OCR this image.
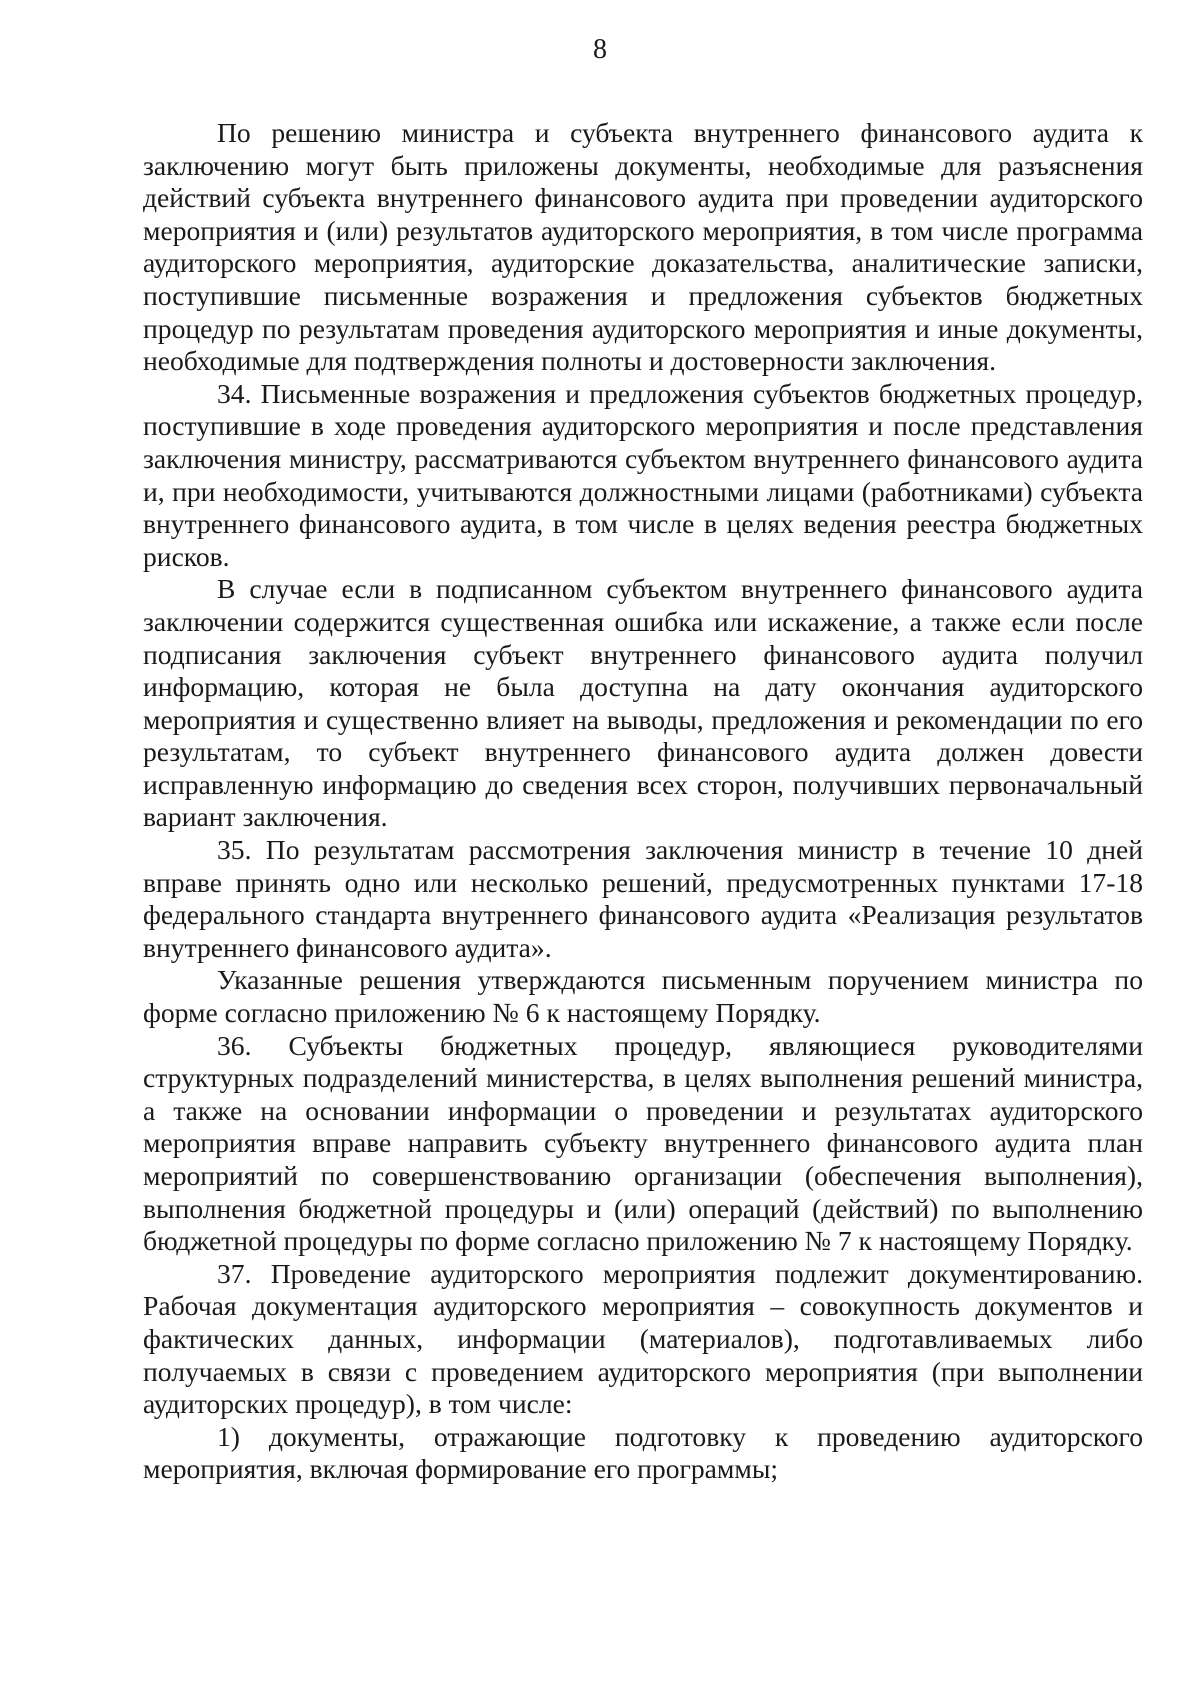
8

По решению министра и субъекта внутреннего финансового аудита к заключению могут быть приложены документы, необходимые для разъяснения действий субъекта внутреннего финансового аудита при проведении аудиторского мероприятия и (или) результатов аудиторского мероприятия, в том числе программа аудиторского мероприятия, аудиторские доказательства, аналитические записки, поступившие письменные возражения и предложения субъектов бюджетных процедур по результатам проведения аудиторского мероприятия и иные документы, необходимые для подтверждения полноты и достоверности заключения.

34. Письменные возражения и предложения субъектов бюджетных процедур, поступившие в ходе проведения аудиторского мероприятия и после представления заключения министру, рассматриваются субъектом внутреннего финансового аудита и, при необходимости, учитываются должностными лицами (работниками) субъекта внутреннего финансового аудита, в том числе в целях ведения реестра бюджетных рисков.

В случае если в подписанном субъектом внутреннего финансового аудита заключении содержится существенная ошибка или искажение, а также если после подписания заключения субъект внутреннего финансового аудита получил информацию, которая не была доступна на дату окончания аудиторского мероприятия и существенно влияет на выводы, предложения и рекомендации по его результатам, то субъект внутреннего финансового аудита должен довести исправленную информацию до сведения всех сторон, получивших первоначальный вариант заключения.

35. По результатам рассмотрения заключения министр в течение 10 дней вправе принять одно или несколько решений, предусмотренных пунктами 17-18 федерального стандарта внутреннего финансового аудита «Реализация результатов внутреннего финансового аудита».

Указанные решения утверждаются письменным поручением министра по форме согласно приложению № 6 к настоящему Порядку.

36. Субъекты бюджетных процедур, являющиеся руководителями структурных подразделений министерства, в целях выполнения решений министра, а также на основании информации о проведении и результатах аудиторского мероприятия вправе направить субъекту внутреннего финансового аудита план мероприятий по совершенствованию организации (обеспечения выполнения), выполнения бюджетной процедуры и (или) операций (действий) по выполнению бюджетной процедуры по форме согласно приложению № 7 к настоящему Порядку.

37. Проведение аудиторского мероприятия подлежит документированию. Рабочая документация аудиторского мероприятия – совокупность документов и фактических данных, информации (материалов), подготавливаемых либо получаемых в связи с проведением аудиторского мероприятия (при выполнении аудиторских процедур), в том числе:

1) документы, отражающие подготовку к проведению аудиторского мероприятия, включая формирование его программы;
